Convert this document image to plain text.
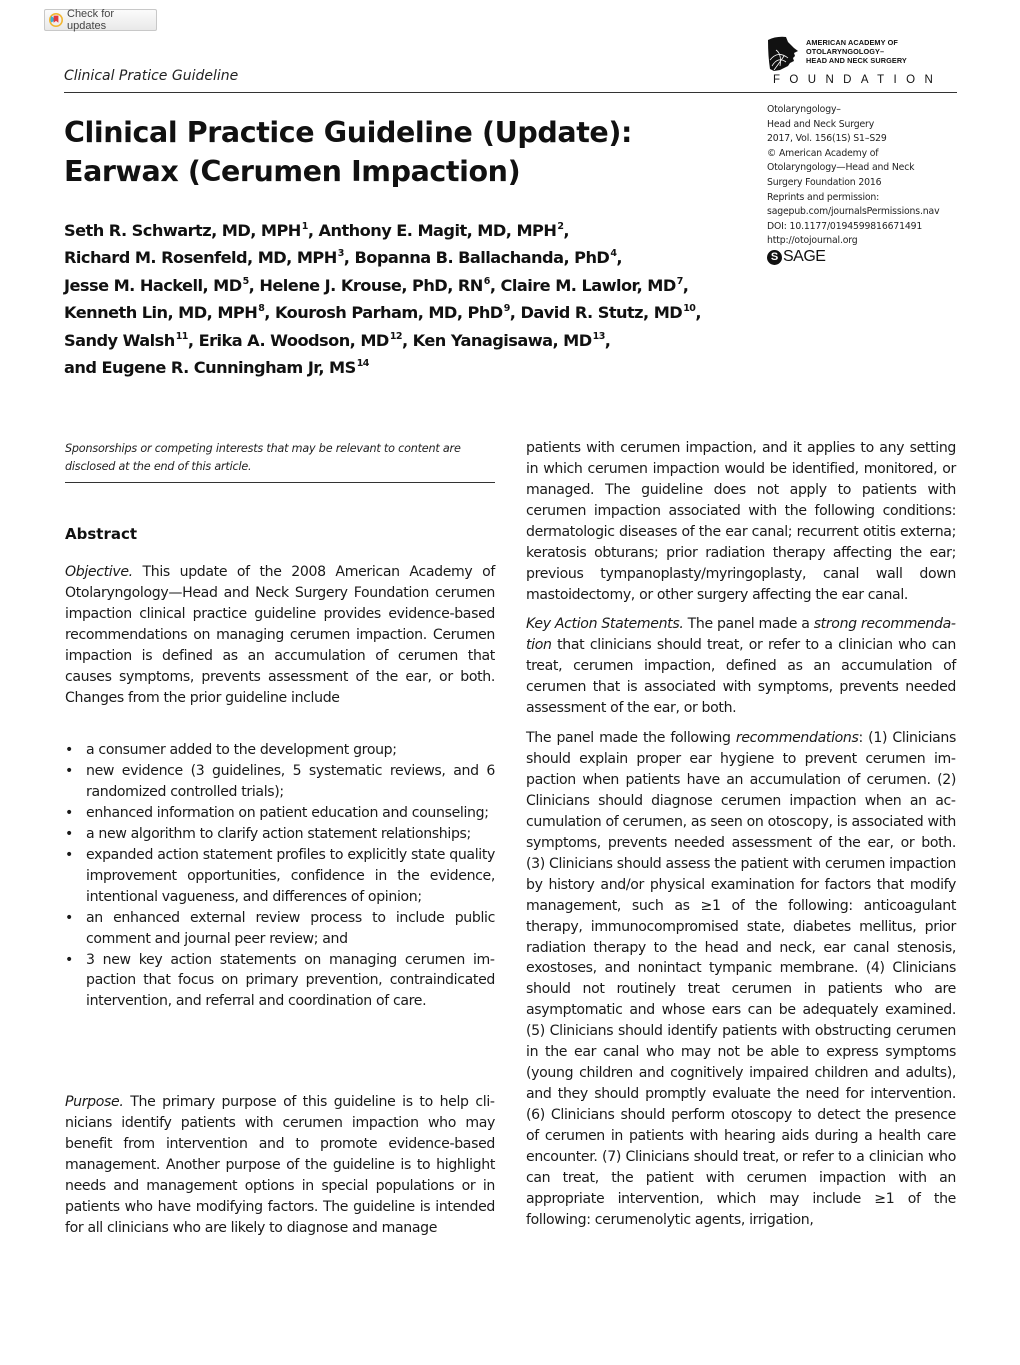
Check for updates
Clinical Pratice Guideline
AMERICAN ACADEMY OF
OTOLARYNGOLOGY–
HEAD AND NECK SURGERY
FOUNDATION
Otolaryngology–
Head and Neck Surgery
2017, Vol. 156(1S) S1–S29
© American Academy of
Otolaryngology—Head and Neck
Surgery Foundation 2016
Reprints and permission:
sagepub.com/journalsPermissions.nav
DOI: 10.1177/0194599816671491
http://otojournal.org
S SAGE
Clinical Practice Guideline (Update):
Earwax (Cerumen Impaction)
Seth R. Schwartz, MD, MPH$^1$, Anthony E. Magit, MD, MPH$^2$,
Richard M. Rosenfeld, MD, MPH$^3$, Bopanna B. Ballachanda, PhD$^4$,
Jesse M. Hackell, $MD^5$, Helene J. Krouse, PhD, $RN^6$, Claire M. Lawlor, $MD^7$,
Kenneth Lin, MD, MPH$^8$, Kourosh Parham, MD, PhD$^9$, David R. Stutz, MD$^{10}$,
Sandy Walsh$^{11}$, Erika A. Woodson, MD$^{12}$, Ken Yanagisawa, MD$^{13}$,
and Eugene R. Cunningham Jr, MS$^{14}$
Sponsorships or competing interests that may be relevant to content are disclosed at the end of this article.
Abstract

Objective. This update of the 2008 American Academy of Otolaryngology—Head and Neck Surgery Foundation cerumen impaction clinical practice guideline provides evidence-based recommendations on managing cerumen impaction. Cerumen impaction is defined as an accumulation of cerumen that causes symptoms, prevents assessment of the ear, or both. Changes from the prior guideline include

• a consumer added to the development group;
• new evidence (3 guidelines, 5 systematic reviews, and 6 randomized controlled trials);
• enhanced information on patient education and counseling;
• a new algorithm to clarify action statement relationships;
• expanded action statement profiles to explicitly state quality improvement opportunities, confidence in the evidence, intentional vagueness, and differences of opinion;
• an enhanced external review process to include public comment and journal peer review; and
• 3 new key action statements on managing cerumen impaction that focus on primary prevention, contraindicated intervention, and referral and coordination of care.

Purpose. The primary purpose of this guideline is to help clinicians identify patients with cerumen impaction who may benefit from intervention and to promote evidence-based management. Another purpose of the guideline is to highlight needs and management options in special populations or in patients who have modifying factors. The guideline is intended for all clinicians who are likely to diagnose and manage

patients with cerumen impaction, and it applies to any setting in which cerumen impaction would be identified, monitored, or managed. The guideline does not apply to patients with cerumen impaction associated with the following conditions: dermatologic diseases of the ear canal; recurrent otitis externa; keratosis obturans; prior radiation therapy affecting the ear; previous tympanoplasty/myringoplasty, canal wall down mastoidectomy, or other surgery affecting the ear canal.

Key Action Statements. The panel made a strong recommendation that clinicians should treat, or refer to a clinician who can treat, cerumen impaction, defined as an accumulation of cerumen that is associated with symptoms, prevents needed assessment of the ear, or both.

The panel made the following recommendations: (1) Clinicians should explain proper ear hygiene to prevent cerumen impaction when patients have an accumulation of cerumen. (2) Clinicians should diagnose cerumen impaction when an accumulation of cerumen, as seen on otoscopy, is associated with symptoms, prevents needed assessment of the ear, or both. (3) Clinicians should assess the patient with cerumen impaction by history and/or physical examination for factors that modify management, such as ≥1 of the following: anticoagulant therapy, immunocompromised state, diabetes mellitus, prior radiation therapy to the head and neck, ear canal stenosis, exostoses, and nonintact tympanic membrane. (4) Clinicians should not routinely treat cerumen in patients who are asymptomatic and whose ears can be adequately examined. (5) Clinicians should identify patients with obstructing cerumen in the ear canal who may not be able to express symptoms (young children and cognitively impaired children and adults), and they should promptly evaluate the need for intervention. (6) Clinicians should perform otoscopy to detect the presence of cerumen in patients with hearing aids during a health care encounter. (7) Clinicians should treat, or refer to a clinician who can treat, the patient with cerumen impaction with an appropriate intervention, which may include ≥1 of the following: cerumenolytic agents, irrigation,
